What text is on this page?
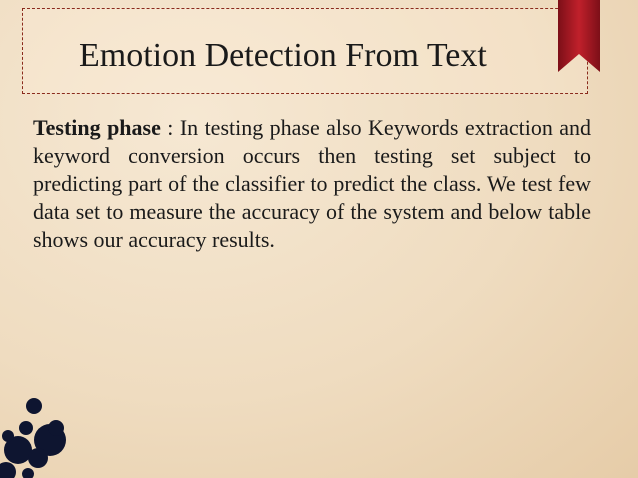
Emotion Detection From Text

Testing phase : In testing phase also Keywords extraction and keyword conversion occurs then testing set subject to predicting part of the classifier to predict the class. We test few data set to measure the accuracy of the system and below table shows our accuracy results.
